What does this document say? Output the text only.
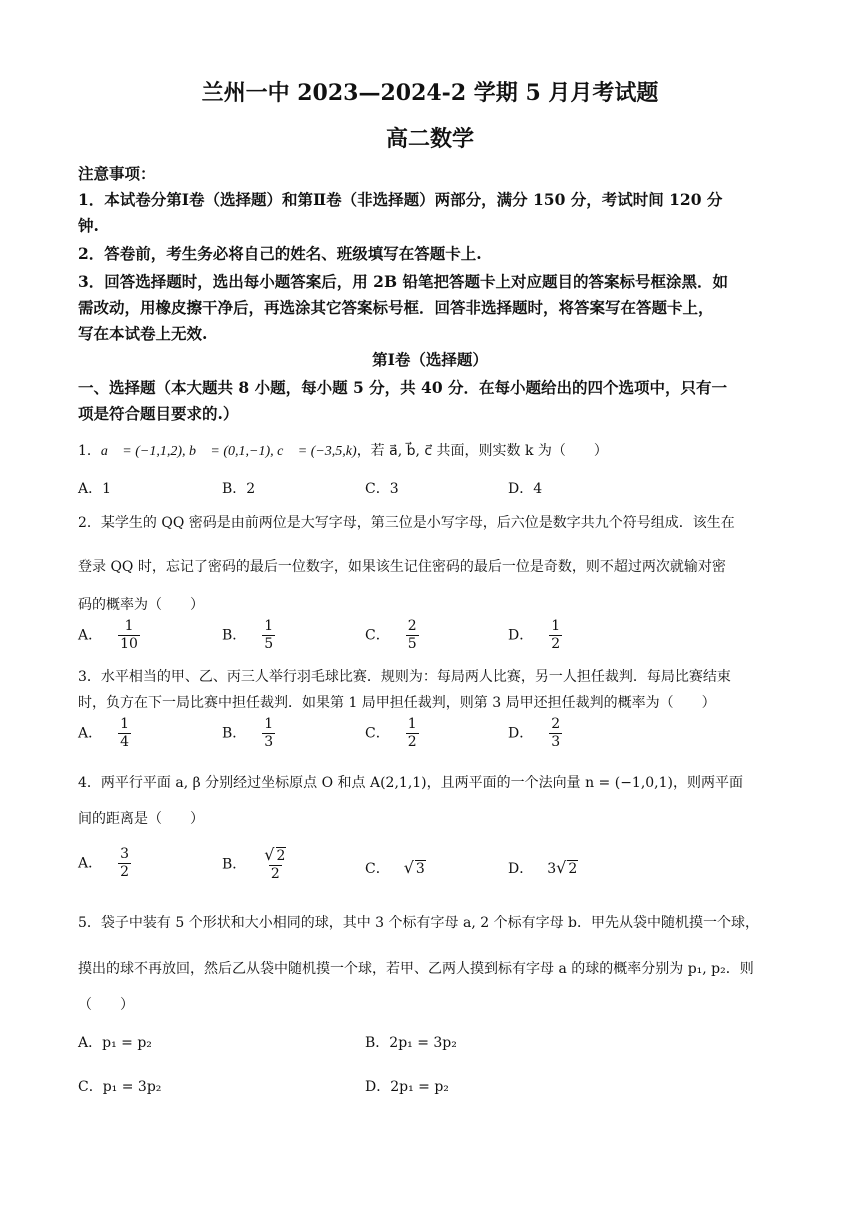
兰州一中 2023—2024-2 学期 5 月月考试题
高二数学
注意事项：
1．本试卷分第Ⅰ卷（选择题）和第Ⅱ卷（非选择题）两部分，满分 150 分，考试时间 120 分
钟.
2．答卷前，考生务必将自己的姓名、班级填写在答题卡上.
3．回答选择题时，选出每小题答案后，用 2B 铅笔把答题卡上对应题目的答案标号框涂黑．如
需改动，用橡皮擦干净后，再选涂其它答案标号框．回答非选择题时，将答案写在答题卡上，
写在本试卷上无效.
第Ⅰ卷（选择题）
一、选择题（本大题共 8 小题，每小题 5 分，共 40 分．在每小题给出的四个选项中，只有一
项是符合题目要求的.）
1．a⃗ = (−1,1,2), b⃗ = (0,1,−1), c⃗ = (−3,5,k)，若 a⃗, b⃗, c⃗ 共面，则实数 k 为（　　）
A．1	B．2	C．3	D．4
2．某学生的 QQ 密码是由前两位是大写字母，第三位是小写字母，后六位是数字共九个符号组成．该生在
登录 QQ 时，忘记了密码的最后一位数字，如果该生记住密码的最后一位是奇数，则不超过两次就输对密
码的概率为（　　）
A． $\frac{1}{10}$	B． $\frac{1}{5}$	C． $\frac{2}{5}$	D． $\frac{1}{2}$
3．水平相当的甲、乙、丙三人举行羽毛球比赛．规则为：每局两人比赛，另一人担任裁判．每局比赛结束
时，负方在下一局比赛中担任裁判．如果第 1 局甲担任裁判，则第 3 局甲还担任裁判的概率为（　　）
A． $\frac{1}{4}$	B． $\frac{1}{3}$	C． $\frac{1}{2}$	D． $\frac{2}{3}$
4．两平行平面 a, β 分别经过坐标原点 O 和点 A(2,1,1)，且两平面的一个法向量 n = (−1,0,1)，则两平面
间的距离是（　　）
A． $\frac{3}{2}$	B． $\frac{√ 2}{2}$	C． √ 3	D． 3√ 2
5．袋子中装有 5 个形状和大小相同的球，其中 3 个标有字母 a, 2 个标有字母 b．甲先从袋中随机摸一个球，
摸出的球不再放回，然后乙从袋中随机摸一个球，若甲、乙两人摸到标有字母 a 的球的概率分别为 p₁, p₂．则
（　　）
A．p₁ = p₂	B．2p₁ = 3p₂
C．p₁ = 3p₂	D．2p₁ = p₂
